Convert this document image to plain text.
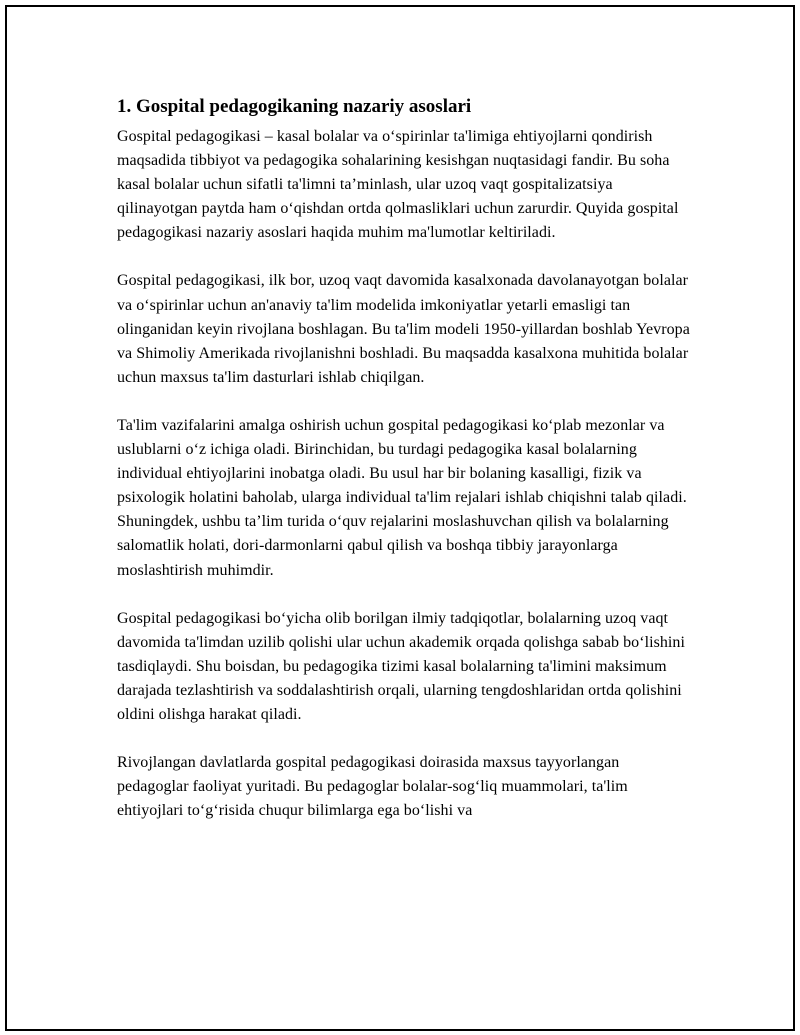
1. Gospital pedagogikaning nazariy asoslari

Gospital pedagogikasi – kasal bolalar va o‘spirinlar ta'limiga ehtiyojlarni qondirish maqsadida tibbiyot va pedagogika sohalarining kesishgan nuqtasidagi fandir. Bu soha kasal bolalar uchun sifatli ta'limni ta’minlash, ular uzoq vaqt gospitalizatsiya qilinayotgan paytda ham o‘qishdan ortda qolmasliklari uchun zarurdir. Quyida gospital pedagogikasi nazariy asoslari haqida muhim ma'lumotlar keltiriladi.

Gospital pedagogikasi, ilk bor, uzoq vaqt davomida kasalxonada davolanayotgan bolalar va o‘spirinlar uchun an'anaviy ta'lim modelida imkoniyatlar yetarli emasligi tan olinganidan keyin rivojlana boshlagan. Bu ta'lim modeli 1950-yillardan boshlab Yevropa va Shimoliy Amerikada rivojlanishni boshladi. Bu maqsadda kasalxona muhitida bolalar uchun maxsus ta'lim dasturlari ishlab chiqilgan.

Ta'lim vazifalarini amalga oshirish uchun gospital pedagogikasi ko‘plab mezonlar va uslublarni o‘z ichiga oladi. Birinchidan, bu turdagi pedagogika kasal bolalarning individual ehtiyojlarini inobatga oladi. Bu usul har bir bolaning kasalligi, fizik va psixologik holatini baholab, ularga individual ta'lim rejalari ishlab chiqishni talab qiladi. Shuningdek, ushbu ta’lim turida o‘quv rejalarini moslashuvchan qilish va bolalarning salomatlik holati, dori-darmonlarni qabul qilish va boshqa tibbiy jarayonlarga moslashtirish muhimdir.

Gospital pedagogikasi bo‘yicha olib borilgan ilmiy tadqiqotlar, bolalarning uzoq vaqt davomida ta'limdan uzilib qolishi ular uchun akademik orqada qolishga sabab bo‘lishini tasdiqlaydi. Shu boisdan, bu pedagogika tizimi kasal bolalarning ta'limini maksimum darajada tezlashtirish va soddalashtirish orqali, ularning tengdoshlaridan ortda qolishini oldini olishga harakat qiladi.

Rivojlangan davlatlarda gospital pedagogikasi doirasida maxsus tayyorlangan pedagoglar faoliyat yuritadi. Bu pedagoglar bolalar-sog‘liq muammolari, ta'lim ehtiyojlari to‘g‘risida chuqur bilimlarga ega bo‘lishi va
